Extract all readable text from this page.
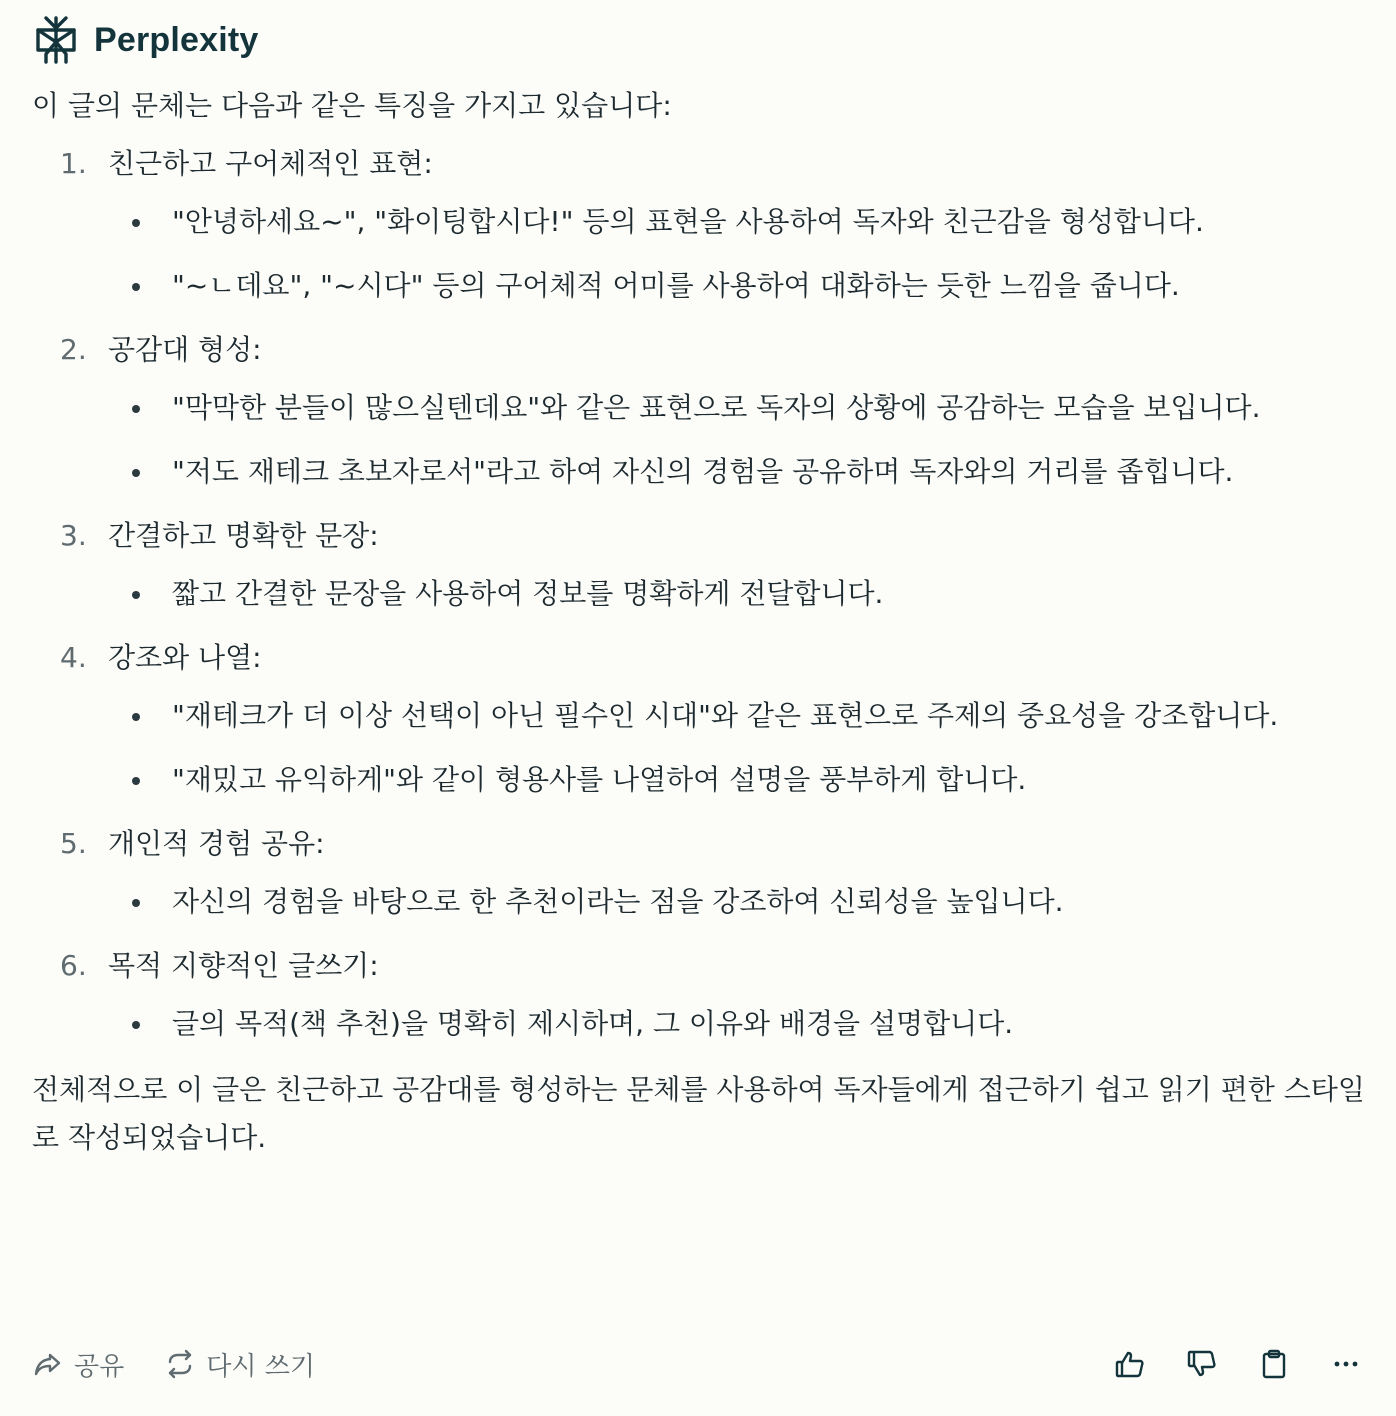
Perplexity

이 글의 문체는 다음과 같은 특징을 가지고 있습니다:

1. 친근하고 구어체적인 표현:
"안녕하세요~", "화이팅합시다!" 등의 표현을 사용하여 독자와 친근감을 형성합니다.
"~ㄴ데요", "~시다" 등의 구어체적 어미를 사용하여 대화하는 듯한 느낌을 줍니다.
2. 공감대 형성:
"막막한 분들이 많으실텐데요"와 같은 표현으로 독자의 상황에 공감하는 모습을 보입니다.
"저도 재테크 초보자로서"라고 하여 자신의 경험을 공유하며 독자와의 거리를 좁힙니다.
3. 간결하고 명확한 문장:
짧고 간결한 문장을 사용하여 정보를 명확하게 전달합니다.
4. 강조와 나열:
"재테크가 더 이상 선택이 아닌 필수인 시대"와 같은 표현으로 주제의 중요성을 강조합니다.
"재밌고 유익하게"와 같이 형용사를 나열하여 설명을 풍부하게 합니다.
5. 개인적 경험 공유:
자신의 경험을 바탕으로 한 추천이라는 점을 강조하여 신뢰성을 높입니다.
6. 목적 지향적인 글쓰기:
글의 목적(책 추천)을 명확히 제시하며, 그 이유와 배경을 설명합니다.

전체적으로 이 글은 친근하고 공감대를 형성하는 문체를 사용하여 독자들에게 접근하기 쉽고 읽기 편한 스타일로 작성되었습니다.

공유	다시 쓰기
